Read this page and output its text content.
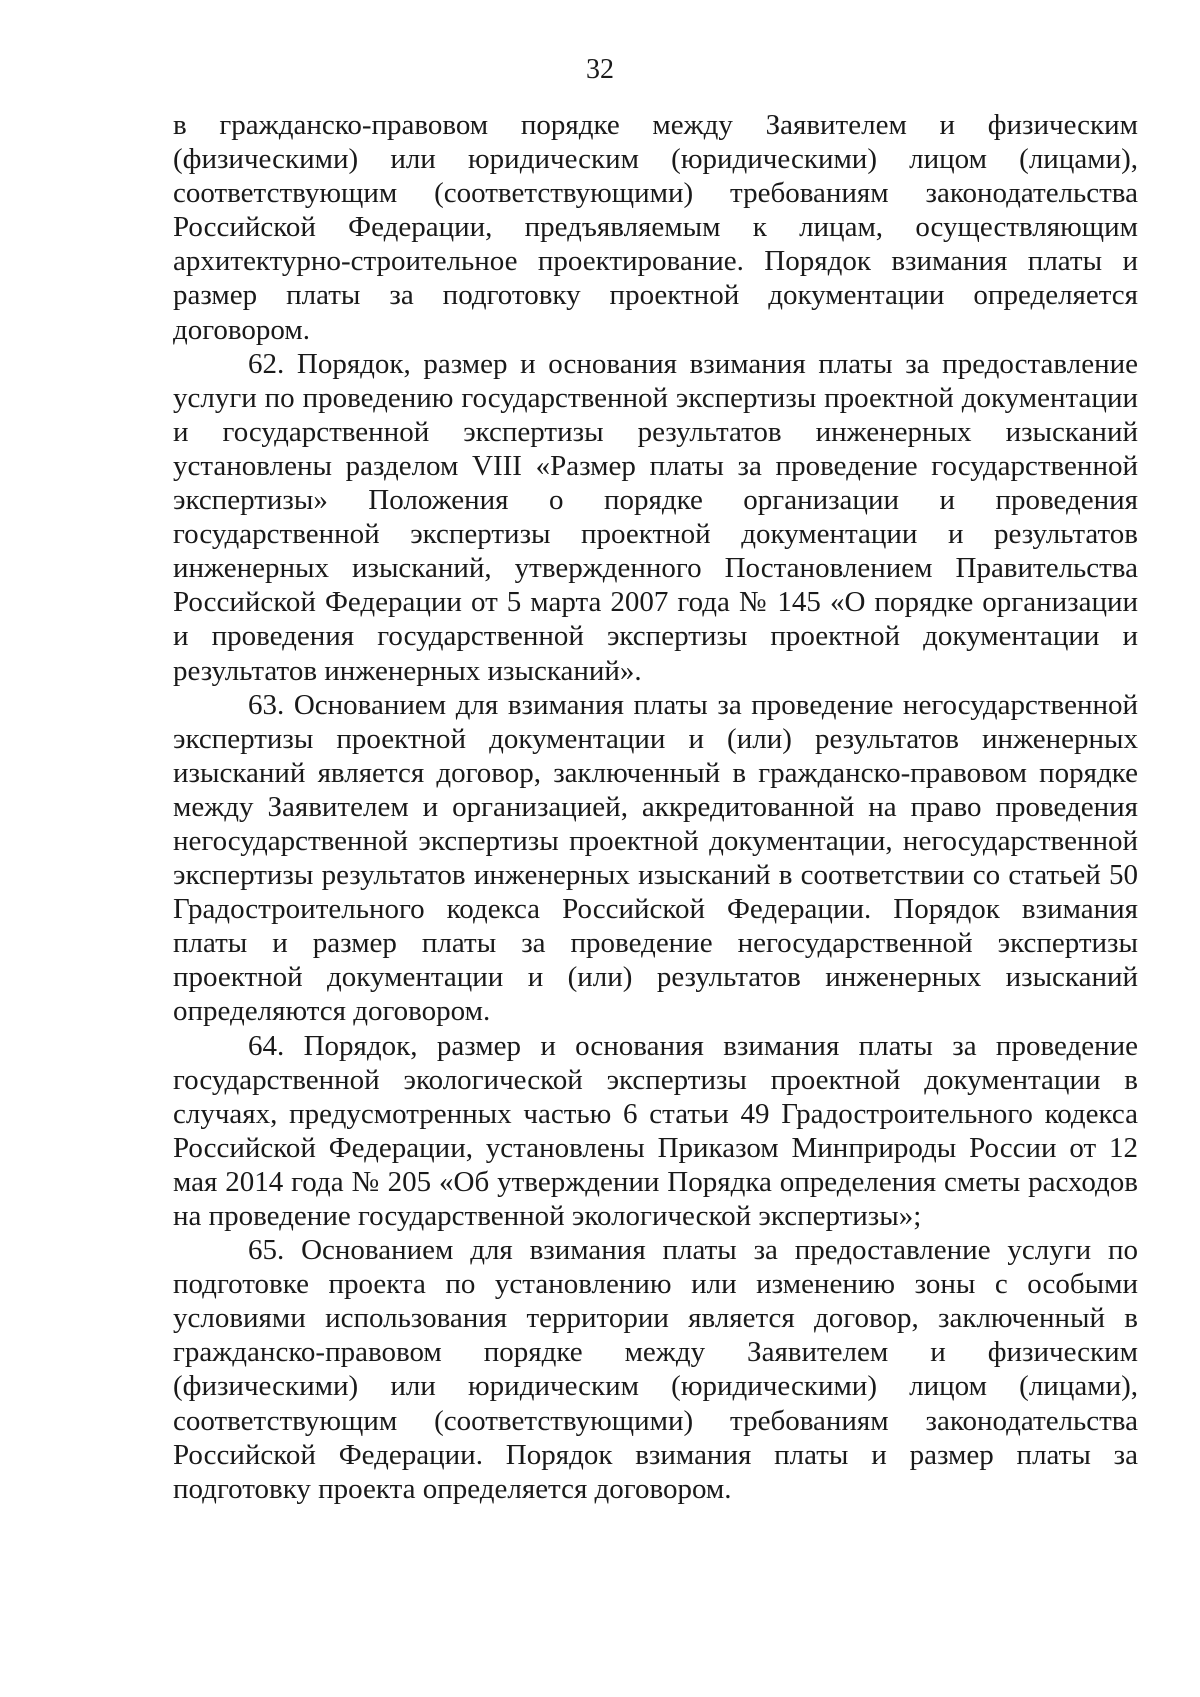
32

в гражданско-правовом порядке между Заявителем и физическим (физическими) или юридическим (юридическими) лицом (лицами), соответствующим (соответствующими) требованиям законодательства Российской Федерации, предъявляемым к лицам, осуществляющим архитектурно-строительное проектирование. Порядок взимания платы и размер платы за подготовку проектной документации определяется договором.

62. Порядок, размер и основания взимания платы за предоставление услуги по проведению государственной экспертизы проектной документации и государственной экспертизы результатов инженерных изысканий установлены разделом VIII «Размер платы за проведение государственной экспертизы» Положения о порядке организации и проведения государственной экспертизы проектной документации и результатов инженерных изысканий, утвержденного Постановлением Правительства Российской Федерации от 5 марта 2007 года № 145 «О порядке организации и проведения государственной экспертизы проектной документации и результатов инженерных изысканий».

63. Основанием для взимания платы за проведение негосударственной экспертизы проектной документации и (или) результатов инженерных изысканий является договор, заключенный в гражданско-правовом порядке между Заявителем и организацией, аккредитованной на право проведения негосударственной экспертизы проектной документации, негосударственной экспертизы результатов инженерных изысканий в соответствии со статьей 50 Градостроительного кодекса Российской Федерации. Порядок взимания платы и размер платы за проведение негосударственной экспертизы проектной документации и (или) результатов инженерных изысканий определяются договором.

64. Порядок, размер и основания взимания платы за проведение государственной экологической экспертизы проектной документации в случаях, предусмотренных частью 6 статьи 49 Градостроительного кодекса Российской Федерации, установлены Приказом Минприроды России от 12 мая 2014 года № 205 «Об утверждении Порядка определения сметы расходов на проведение государственной экологической экспертизы»;

65. Основанием для взимания платы за предоставление услуги по подготовке проекта по установлению или изменению зоны с особыми условиями использования территории является договор, заключенный в гражданско-правовом порядке между Заявителем и физическим (физическими) или юридическим (юридическими) лицом (лицами), соответствующим (соответствующими) требованиям законодательства Российской Федерации. Порядок взимания платы и размер платы за подготовку проекта определяется договором.
